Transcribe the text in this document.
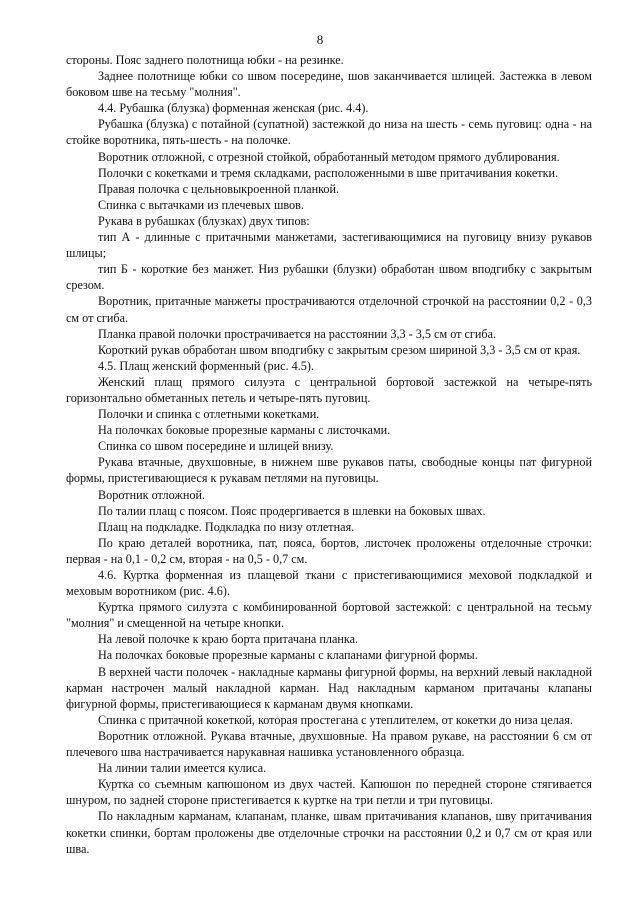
8

стороны. Пояс заднего полотнища юбки - на резинке.

Заднее полотнище юбки со швом посередине, шов заканчивается шлицей. Застежка в левом боковом шве на тесьму "молния".

4.4. Рубашка (блузка) форменная женская (рис. 4.4).

Рубашка (блузка) с потайной (супатной) застежкой до низа на шесть - семь пуговиц: одна - на стойке воротника, пять-шесть - на полочке.

Воротник отложной, с отрезной стойкой, обработанный методом прямого дублирования.

Полочки с кокетками и тремя складками, расположенными в шве притачивания кокетки.

Правая полочка с цельновыкроенной планкой.

Спинка с вытачками из плечевых швов.

Рукава в рубашках (блузках) двух типов:

тип А - длинные с притачными манжетами, застегивающимися на пуговицу внизу рукавов шлицы;

тип Б - короткие без манжет. Низ рубашки (блузки) обработан швом вподгибку с закрытым срезом.

Воротник, притачные манжеты прострачиваются отделочной строчкой на расстоянии 0,2 - 0,3 см от сгиба.

Планка правой полочки прострачивается на расстоянии 3,3 - 3,5 см от сгиба.

Короткий рукав обработан швом вподгибку с закрытым срезом шириной 3,3 - 3,5 см от края.

4.5. Плащ женский форменный (рис. 4.5).

Женский плащ прямого силуэта с центральной бортовой застежкой на четыре-пять горизонтально обметанных петель и четыре-пять пуговиц.

Полочки и спинка с отлетными кокетками.

На полочках боковые прорезные карманы с листочками.

Спинка со швом посередине и шлицей внизу.

Рукава втачные, двухшовные, в нижнем шве рукавов паты, свободные концы пат фигурной формы, пристегивающиеся к рукавам петлями на пуговицы.

Воротник отложной.

По талии плащ с поясом. Пояс продергивается в шлевки на боковых швах.

Плащ на подкладке. Подкладка по низу отлетная.

По краю деталей воротника, пат, пояса, бортов, листочек проложены отделочные строчки: первая - на 0,1 - 0,2 см, вторая - на 0,5 - 0,7 см.

4.6. Куртка форменная из плащевой ткани с пристегивающимися меховой подкладкой и меховым воротником (рис. 4.6).

Куртка прямого силуэта с комбинированной бортовой застежкой: с центральной на тесьму "молния" и смещенной на четыре кнопки.

На левой полочке к краю борта притачана планка.

На полочках боковые прорезные карманы с клапанами фигурной формы.

В верхней части полочек - накладные карманы фигурной формы, на верхний левый накладной карман настрочен малый накладной карман. Над накладным карманом притачаны клапаны фигурной формы, пристегивающиеся к карманам двумя кнопками.

Спинка с притачной кокеткой, которая простегана с утеплителем, от кокетки до низа целая.

Воротник отложной. Рукава втачные, двухшовные. На правом рукаве, на расстоянии 6 см от плечевого шва настрачивается нарукавная нашивка установленного образца.

На линии талии имеется кулиса.

Куртка со съемным капюшоном из двух частей. Капюшон по передней стороне стягивается шнуром, по задней стороне пристегивается к куртке на три петли и три пуговицы.

По накладным карманам, клапанам, планке, швам притачивания клапанов, шву притачивания кокетки спинки, бортам проложены две отделочные строчки на расстоянии 0,2 и 0,7 см от края или шва.
